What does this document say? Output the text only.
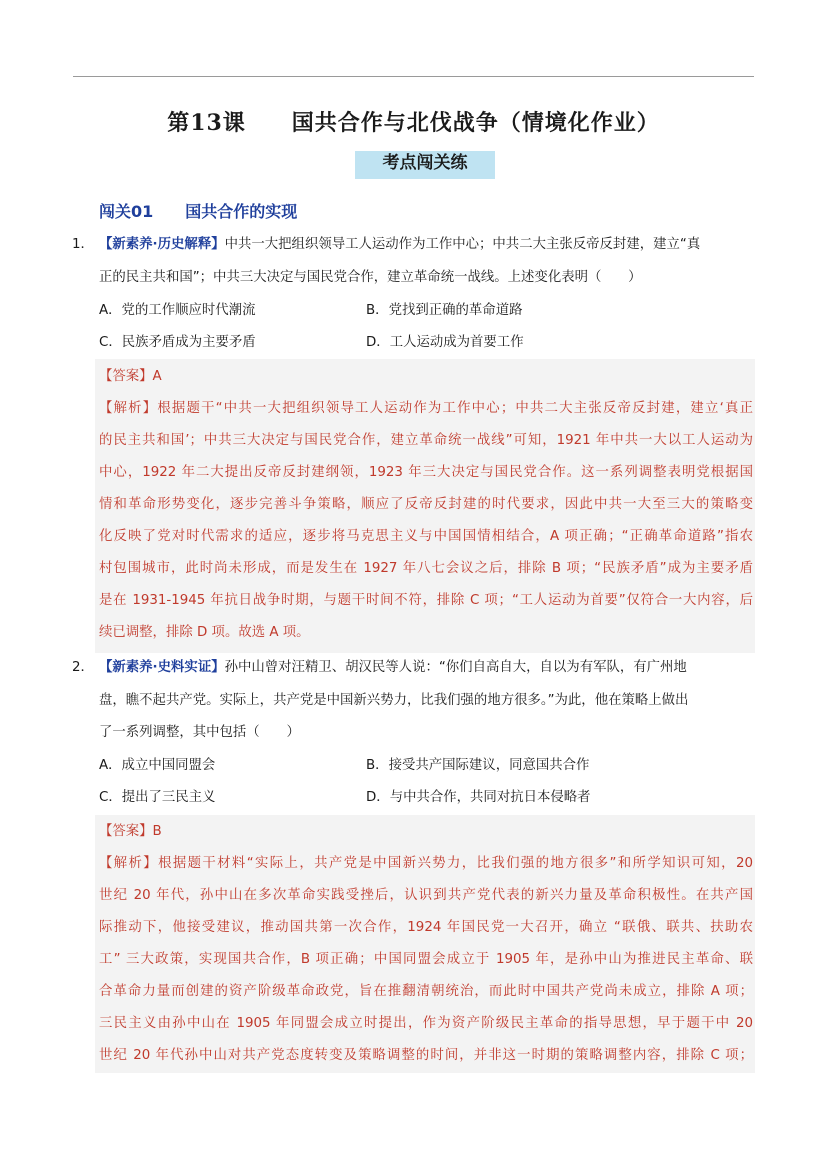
第13课　　国共合作与北伐战争（情境化作业）
考点闯关练
闯关01　　国共合作的实现
1． 【新素养·历史解释】中共一大把组织领导工人运动作为工作中心；中共二大主张反帝反封建，建立“真
正的民主共和国”；中共三大决定与国民党合作，建立革命统一战线。上述变化表明（　　）
A．党的工作顺应时代潮流	B．党找到正确的革命道路
C．民族矛盾成为主要矛盾	D．工人运动成为首要工作
【答案】A
【解析】根据题干“中共一大把组织领导工人运动作为工作中心；中共二大主张反帝反封建，建立‘真正
的民主共和国’；中共三大决定与国民党合作，建立革命统一战线”可知，1921 年中共一大以工人运动为
中心，1922 年二大提出反帝反封建纲领，1923 年三大决定与国民党合作。这一系列调整表明党根据国
情和革命形势变化，逐步完善斗争策略，顺应了反帝反封建的时代要求，因此中共一大至三大的策略变
化反映了党对时代需求的适应，逐步将马克思主义与中国国情相结合，A 项正确；“正确革命道路”指农
村包围城市，此时尚未形成，而是发生在 1927 年八七会议之后，排除 B 项；“民族矛盾”成为主要矛盾
是在 1931-1945 年抗日战争时期，与题干时间不符，排除 C 项；“工人运动为首要”仅符合一大内容，后
续已调整，排除 D 项。故选 A 项。
2． 【新素养·史料实证】孙中山曾对汪精卫、胡汉民等人说：“你们自高自大，自以为有军队，有广州地
盘，瞧不起共产党。实际上，共产党是中国新兴势力，比我们强的地方很多。”为此，他在策略上做出
了一系列调整，其中包括（　　）
A．成立中国同盟会	B．接受共产国际建议，同意国共合作
C．提出了三民主义	D．与中共合作，共同对抗日本侵略者
【答案】B
【解析】根据题干材料“实际上，共产党是中国新兴势力，比我们强的地方很多”和所学知识可知，20
世纪 20 年代，孙中山在多次革命实践受挫后，认识到共产党代表的新兴力量及革命积极性。在共产国
际推动下，他接受建议，推动国共第一次合作，1924 年国民党一大召开，确立 “联俄、联共、扶助农
工” 三大政策，实现国共合作，B 项正确；中国同盟会成立于 1905 年，是孙中山为推进民主革命、联
合革命力量而创建的资产阶级革命政党，旨在推翻清朝统治，而此时中国共产党尚未成立，排除 A 项；
三民主义由孙中山在 1905 年同盟会成立时提出，作为资产阶级民主革命的指导思想，早于题干中 20
世纪 20 年代孙中山对共产党态度转变及策略调整的时间，并非这一时期的策略调整内容，排除 C 项；
